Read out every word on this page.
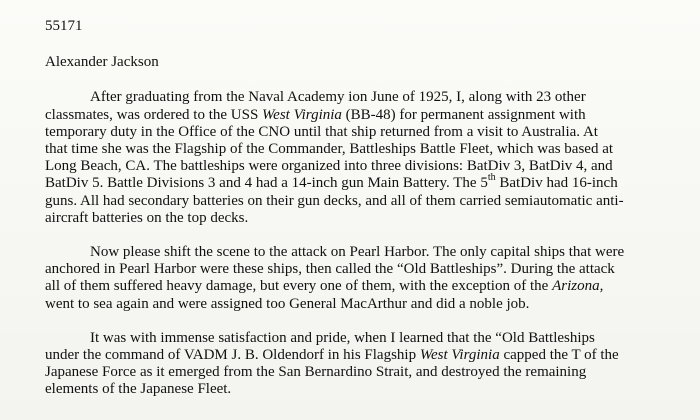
55171
Alexander Jackson
After graduating from the Naval Academy ion June of 1925, I, along with 23 other
classmates, was ordered to the USS West Virginia (BB-48) for permanent assignment with
temporary duty in the Office of the CNO until that ship returned from a visit to Australia. At
that time she was the Flagship of the Commander, Battleships Battle Fleet, which was based at
Long Beach, CA. The battleships were organized into three divisions: BatDiv 3, BatDiv 4, and
BatDiv 5. Battle Divisions 3 and 4 had a 14-inch gun Main Battery. The 5th BatDiv had 16-inch
guns. All had secondary batteries on their gun decks, and all of them carried semiautomatic anti-
aircraft batteries on the top decks.
Now please shift the scene to the attack on Pearl Harbor. The only capital ships that were
anchored in Pearl Harbor were these ships, then called the “Old Battleships”. During the attack
all of them suffered heavy damage, but every one of them, with the exception of the Arizona,
went to sea again and were assigned too General MacArthur and did a noble job.
It was with immense satisfaction and pride, when I learned that the “Old Battleships
under the command of VADM J. B. Oldendorf in his Flagship West Virginia capped the T of the
Japanese Force as it emerged from the San Bernardino Strait, and destroyed the remaining
elements of the Japanese Fleet.
